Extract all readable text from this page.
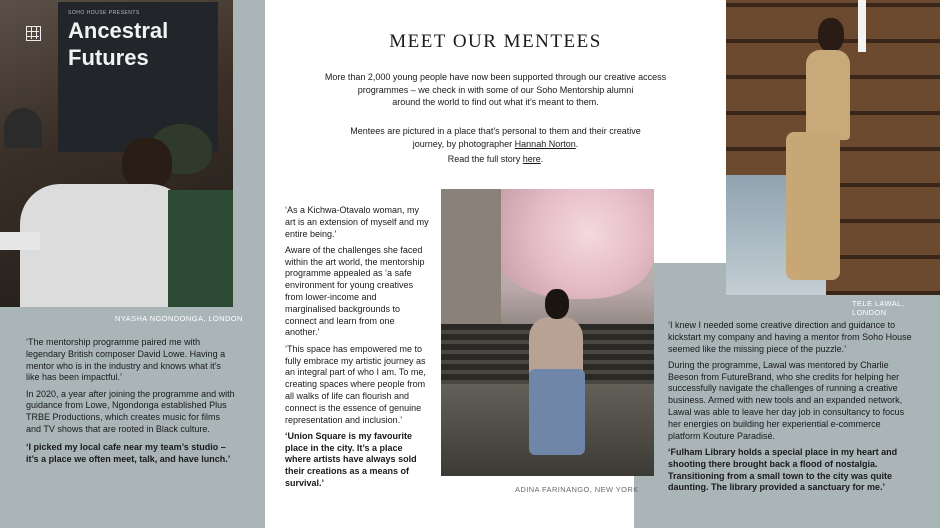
SOHO HOUSE PRESENTS
Ancestral
Futures
NYASHA NGONDONGA, LONDON

‘The mentorship programme paired me with legendary British composer David Lowe. Having a mentor who is in the industry and knows what it’s like has been impactful.’

In 2020, a year after joining the programme and with guidance from Lowe, Ngondonga established Plus TRBE Productions, which creates music for films and TV shows that are rooted in Black culture.

‘I picked my local cafe near my team’s studio – it’s a place we often meet, talk, and have lunch.’

MEET OUR MENTEES
More than 2,000 young people have now been supported through our creative access
programmes – we check in with some of our Soho Mentorship alumni
around the world to find out what it’s meant to them.
Mentees are pictured in a place that’s personal to them and their creative
journey, by photographer Hannah Norton.
Read the full story here.

‘As a Kichwa-Otavalo woman, my art is an extension of myself and my entire being.’

Aware of the challenges she faced within the art world, the mentorship programme appealed as ‘a safe environment for young creatives from lower-income and marginalised backgrounds to connect and learn from one another.’

‘This space has empowered me to fully embrace my artistic journey as an integral part of who I am. To me, creating spaces where people from all walks of life can flourish and connect is the essence of genuine representation and inclusion.’

‘Union Square is my favourite place in the city. It’s a place where artists have always sold their creations as a means of survival.’

ADINA FARINANGO, NEW YORK
TELE LAWAL, LONDON

‘I knew I needed some creative direction and guidance to kickstart my company and having a mentor from Soho House seemed like the missing piece of the puzzle.’

During the programme, Lawal was mentored by Charlie Beeson from FutureBrand, who she credits for helping her successfully navigate the challenges of running a creative business. Armed with new tools and an expanded network, Lawal was able to leave her day job in consultancy to focus her energies on building her experiential e-commerce platform Kouture Paradisé.

‘Fulham Library holds a special place in my heart and shooting there brought back a flood of nostalgia. Transitioning from a small town to the city was quite daunting. The library provided a sanctuary for me.’
